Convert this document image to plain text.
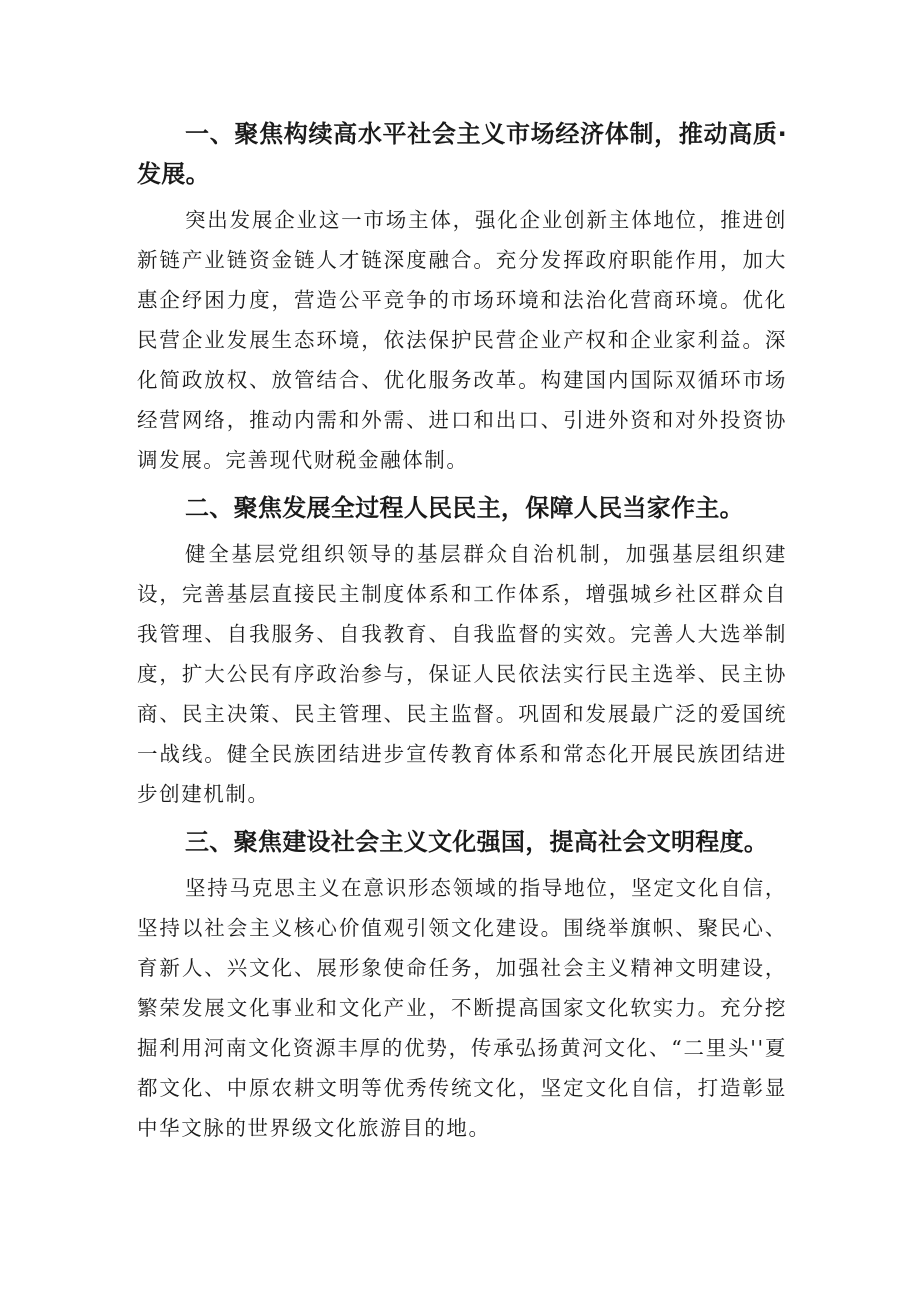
一、聚焦构续高水平社会主义市场经济体制，推动高质·发展。

突出发展企业这一市场主体，强化企业创新主体地位，推进创新链产业链资金链人才链深度融合。充分发挥政府职能作用，加大惠企纾困力度，营造公平竞争的市场环境和法治化营商环境。优化民营企业发展生态环境，依法保护民营企业产权和企业家利益。深化简政放权、放管结合、优化服务改革。构建国内国际双循环市场经营网络，推动内需和外需、进口和出口、引进外资和对外投资协调发展。完善现代财税金融体制。

二、聚焦发展全过程人民民主，保障人民当家作主。

健全基层党组织领导的基层群众自治机制，加强基层组织建设，完善基层直接民主制度体系和工作体系，增强城乡社区群众自我管理、自我服务、自我教育、自我监督的实效。完善人大选举制度，扩大公民有序政治参与，保证人民依法实行民主选举、民主协商、民主决策、民主管理、民主监督。巩固和发展最广泛的爱国统一战线。健全民族团结进步宣传教育体系和常态化开展民族团结进步创建机制。

三、聚焦建设社会主义文化强国，提高社会文明程度。

坚持马克思主义在意识形态领域的指导地位，坚定文化自信，坚持以社会主义核心价值观引领文化建设。围绕举旗帜、聚民心、育新人、兴文化、展形象使命任务，加强社会主义精神文明建设，繁荣发展文化事业和文化产业，不断提高国家文化软实力。充分挖掘利用河南文化资源丰厚的优势，传承弘扬黄河文化、“二里头''夏都文化、中原农耕文明等优秀传统文化，坚定文化自信，打造彰显中华文脉的世界级文化旅游目的地。
